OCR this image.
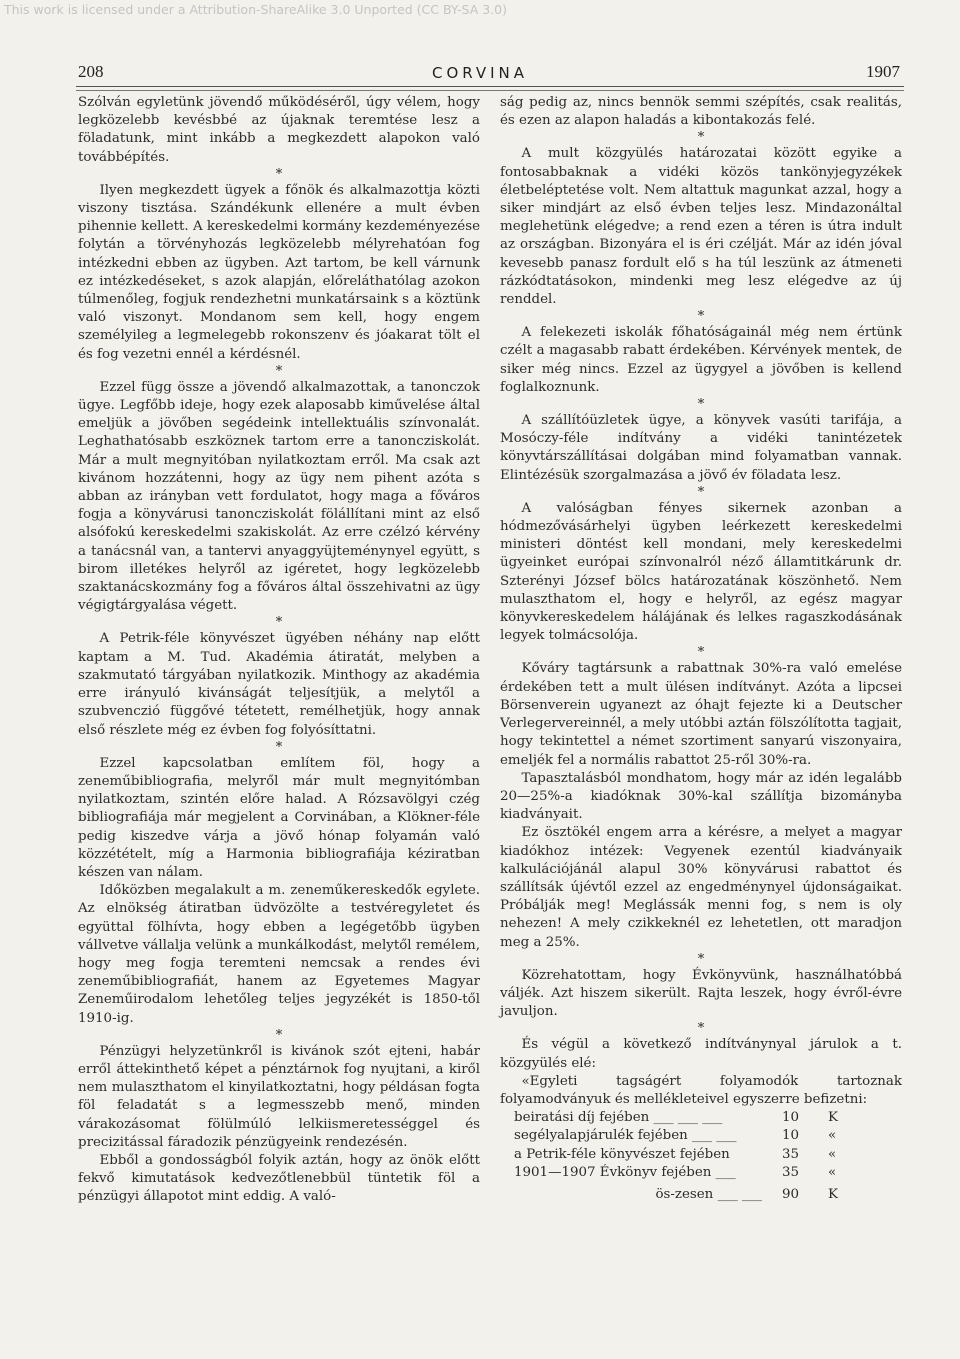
This work is licensed under a Attribution-ShareAlike 3.0 Unported (CC BY-SA 3.0)
208	CORVINA	1907

Szólván egyletünk jövendő működéséről, úgy vélem, hogy legközelebb kevésbbé az újaknak teremtése lesz a föladatunk, mint inkább a megkezdett alapokon való továbbépítés.

*

Ilyen megkezdett ügyek a főnök és alkalmazottja közti viszony tisztása. Szándékunk ellenére a mult évben pihennie kellett. A kereskedelmi kormány kezdeményezése folytán a törvényhozás legközelebb mélyrehatóan fog intézkedni ebben az ügyben. Azt tartom, be kell várnunk ez intézkedéseket, s azok alapján, előreláthatólag azokon túlmenőleg, fogjuk rendezhetni munkatársaink s a köztünk való viszonyt. Mondanom sem kell, hogy engem személyileg a legmelegebb rokonszenv és jóakarat tölt el és fog vezetni ennél a kérdésnél.

*

Ezzel függ össze a jövendő alkalmazottak, a tanonczok ügye. Legfőbb ideje, hogy ezek alaposabb kiművelése által emeljük a jövőben segédeink intellektuális színvonalát. Leghathatósabb eszköznek tartom erre a tanoncziskolát. Már a mult megnyitóban nyilatkoztam erről. Ma csak azt kivánom hozzátenni, hogy az ügy nem pihent azóta s abban az irányban vett fordulatot, hogy maga a főváros fogja a könyvárusi tanoncziskolát fölállítani mint az első alsófokú kereskedelmi szakiskolát. Az erre czélzó kérvény a tanácsnál van, a tantervi anyaggyüjteménynyel együtt, s birom illetékes helyről az igéretet, hogy legközelebb szaktanácskozmány fog a főváros által összehivatni az ügy végigtárgyalása végett.

*

A Petrik-féle könyvészet ügyében néhány nap előtt kaptam a M. Tud. Akadémia átiratát, melyben a szakmutató tárgyában nyilatkozik. Minthogy az akadémia erre irányuló kivánságát teljesítjük, a melytől a szubvenczió függővé tétetett, remélhetjük, hogy annak első részlete még ez évben fog folyósíttatni.

*

Ezzel kapcsolatban említem föl, hogy a zeneműbibliografia, melyről már mult megnyitómban nyilatkoztam, szintén előre halad. A Rózsavölgyi czég bibliografiája már megjelent a Corvinában, a Klökner-féle pedig kiszedve várja a jövő hónap folyamán való közzétételt, míg a Harmonia bibliografiája kéziratban készen van nálam.

Időközben megalakult a m. zeneműkereskedők egylete. Az elnökség átiratban üdvözölte a testvéregyletet és együttal fölhívta, hogy ebben a legégetőbb ügyben vállvetve vállalja velünk a munkálkodást, melytől remélem, hogy meg fogja teremteni nemcsak a rendes évi zeneműbibliografiát, hanem az Egyetemes Magyar Zeneműirodalom lehetőleg teljes jegyzékét is 1850-től 1910-ig.

*

Pénzügyi helyzetünkről is kivánok szót ejteni, habár erről áttekinthető képet a pénztárnok fog nyujtani, a kiről nem mulaszthatom el kinyilatkoztatni, hogy példásan fogta föl feladatát s a legmesszebb menő, minden várakozásomat fölülmúló lelkiismeretességgel és precizitással fáradozik pénzügyeink rendezésén.

Ebből a gondosságból folyik aztán, hogy az önök előtt fekvő kimutatások kedvezőtlenebbül tüntetik föl a pénzügyi állapotot mint eddig. A való-

ság pedig az, nincs bennök semmi szépítés, csak realitás, és ezen az alapon haladás a kibontakozás felé.

*

A mult közgyülés határozatai között egyike a fontosabbaknak a vidéki közös tankönyjegyzékek életbeléptetése volt. Nem altattuk magunkat azzal, hogy a siker mindjárt az első évben teljes lesz. Mindazonáltal meglehetünk elégedve; a rend ezen a téren is útra indult az országban. Bizonyára el is éri czélját. Már az idén jóval kevesebb panasz fordult elő s ha túl leszünk az átmeneti rázkódtatásokon, mindenki meg lesz elégedve az új renddel.

*

A felekezeti iskolák főhatóságainál még nem értünk czélt a magasabb rabatt érdekében. Kérvények mentek, de siker még nincs. Ezzel az ügygyel a jövőben is kellend foglalkoznunk.

*

A szállítóüzletek ügye, a könyvek vasúti tarifája, a Mosóczy-féle indítvány a vidéki tanintézetek könyvtárszállításai dolgában mind folyamatban vannak. Elintézésük szorgalmazása a jövő év föladata lesz.

*

A valóságban fényes sikernek azonban a hódmezővásárhelyi ügyben leérkezett kereskedelmi ministeri döntést kell mondani, mely kereskedelmi ügyeinket európai színvonalról néző államtitkárunk dr. Szterényi József bölcs határozatának köszönhető. Nem mulaszthatom el, hogy e helyről, az egész magyar könyvkereskedelem hálájának és lelkes ragaszkodásának legyek tolmácsolója.

*

Kőváry tagtársunk a rabattnak 30%-ra való emelése érdekében tett a mult ülésen indítványt. Azóta a lipcsei Börsenverein ugyanezt az óhajt fejezte ki a Deutscher Verlegervereinnél, a mely utóbbi aztán fölszólította tagjait, hogy tekintettel a német szortiment sanyarú viszonyaira, emeljék fel a normális rabattot 25-ről 30%-ra.

Tapasztalásból mondhatom, hogy már az idén legalább 20—25%-a kiadóknak 30%-kal szállítja bizományba kiadványait.

Ez ösztökél engem arra a kérésre, a melyet a magyar kiadókhoz intézek: Vegyenek ezentúl kiadványaik kalkulációjánál alapul 30% könyvárusi rabattot és szállítsák újévtől ezzel az engedménynyel újdonságaikat. Próbálják meg! Meglássák menni fog, s nem is oly nehezen! A mely czikkeknél ez lehetetlen, ott maradjon meg a 25%.

*

Közrehatottam, hogy Évkönyvünk, használhatóbbá váljék. Azt hiszem sikerült. Rajta leszek, hogy évről-évre javuljon.

*

És végül a következő indítványnyal járulok a t. közgyülés elé:

«Egyleti tagságért folyamodók tartoznak folyamodványuk és mellékleteivel egyszerre befizetni:

beiratási díj fejében ___ ___ ___	10	K
segélyalapjárulék fejében ___ ___	10	«
a Petrik-féle könyvészet fejében	35	«
1901—1907 Évkönyv fejében ___	35	«
ös-zesen ___ ___	90	K
